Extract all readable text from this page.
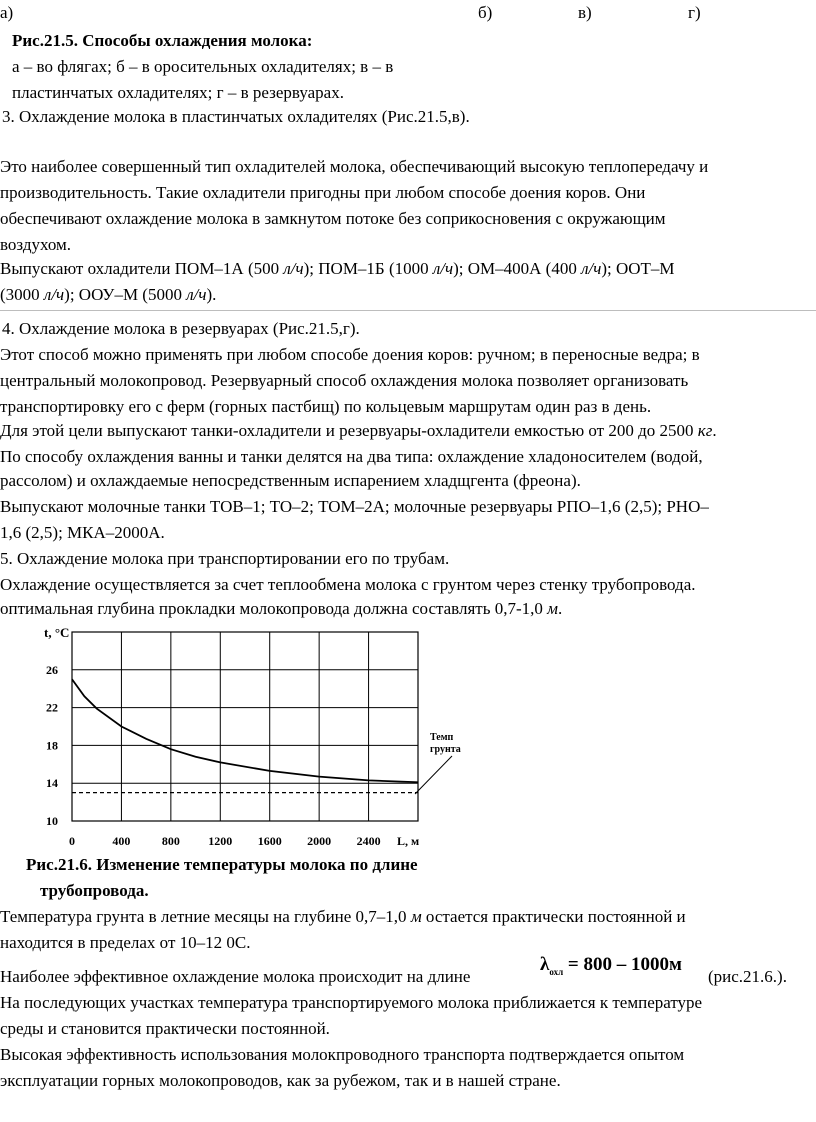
а)	б)	в)	г)
Рис.21.5. Способы охлаждения молока:
а – во флягах; б – в оросительных охладителях; в – в
пластинчатых охладителях; г – в резервуарах.
3. Охлаждение молока в пластинчатых охладителях (Рис.21.5,в).
Это наиболее совершенный тип охладителей молока, обеспечивающий высокую теплопередачу и
производительность. Такие охладители пригодны при любом способе доения коров. Они
обеспечивают охлаждение молока в замкнутом потоке без соприкосновения с окружающим
воздухом.
Выпускают охладители ПОМ–1А (500 л/ч); ПОМ–1Б (1000 л/ч); ОМ–400А (400 л/ч); ООТ–М
(3000 л/ч); ООУ–М (5000 л/ч).
4. Охлаждение молока в резервуарах (Рис.21.5,г).
Этот способ можно применять при любом способе доения коров: ручном; в переносные ведра; в
центральный молокопровод. Резервуарный способ охлаждения молока позволяет организовать
транспортировку его с ферм (горных пастбищ) по кольцевым маршрутам один раз в день.
Для этой цели выпускают танки-охладители и резервуары-охладители емкостью от 200 до 2500 кг.
По способу охлаждения ванны и танки делятся на два типа: охлаждение хладоносителем (водой,
рассолом) и охлаждаемые непосредственным испарением хладщгента (фреона).
Выпускают молочные танки ТОВ–1; ТО–2; ТОМ–2А; молочные резервуары РПО–1,6 (2,5); РНО–
1,6 (2,5); МКА–2000А.
5. Охлаждение молока при транспортировании его по трубам.
Охлаждение осуществляется за счет теплообмена молока с грунтом через стенку трубопровода.
оптимальная глубина прокладки молокопровода должна составлять 0,7-1,0 м.
10
14
18
22
26
0	400	800 1200 1600 2000 2400
t, °C
L, м
Темп
грунта
Рис.21.6. Изменение температуры молока по длине
трубопровода.
Температура грунта в летние месяцы на глубине 0,7–1,0 м остается практически постоянной и
находится в пределах от 10–12 0С.
Наиболее эффективное охлаждение молока происходит на длине
$\lambda_{охл} = 800 - 1000м$
(рис.21.6.).
На последующих участках температура транспортируемого молока приближается к температуре
среды и становится практически постоянной.
Высокая эффективность использования молокпроводного транспорта подтверждается опытом
эксплуатации горных молокопроводов, как за рубежом, так и в нашей стране.
